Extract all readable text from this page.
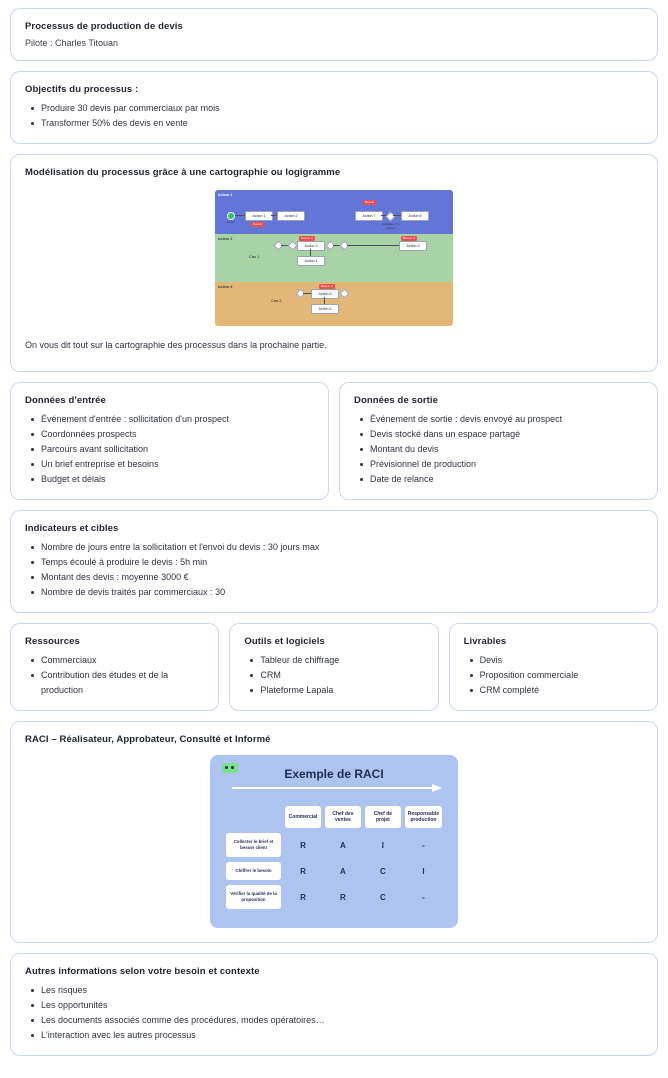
Processus de production de devis

Pilote : Charles Titouan

Objectifs du processus :
Produire 30 devis par commerciaux par mois
Transformer 50% des devis en vente
Modélisation du processus grâce à une cartographie ou logigramme
Acteur 1
Début
Action 1
Besoin
Action 2
Besoin
Action 7
Validation ? À ajuster
Action 8
Acteur 2
Cas 1
Besoin 2
Action 3
Action 4
Besoin 3
Action 9
Acteur 3
Cas 2
Besoin 4
Action 5
Action 6

On vous dit tout sur la cartographie des processus dans la prochaine partie.

Données d'entrée
Événement d'entrée : sollicitation d'un prospect
Coordonnées prospects
Parcours avant sollicitation
Un brief entreprise et besoins
Budget et délais
Données de sortie
Événement de sortie : devis envoyé au prospect
Devis stocké dans un espace partagé
Montant du devis
Prévisionnel de production
Date de relance
Indicateurs et cibles
Nombre de jours entre la sollicitation et l'envoi du devis : 30 jours max
Temps écoulé à produire le devis : 5h min
Montant des devis : moyenne 3000 €
Nombre de devis traités par commerciaux : 30
Ressources
Commerciaux
Contribution des études et de la production
Outils et logiciels
Tableur de chiffrage
CRM
Plateforme Lapala
Livrables
Devis
Proposition commerciale
CRM complété
RACI – Réalisateur, Approbateur, Consulté et Informé
Exemple de RACI
	Commercial	Chef des ventes	Chef de projet	Responsable production
Collecter le brief et besoin client	R	A	I	-
Chiffrer le besoin	R	A	C	I
Vérifier la qualité de la proposition	R	R	C	-
Autres informations selon votre besoin et contexte
Les risques
Les opportunités
Les documents associés comme des procédures, modes opératoires…
L'interaction avec les autres processus
